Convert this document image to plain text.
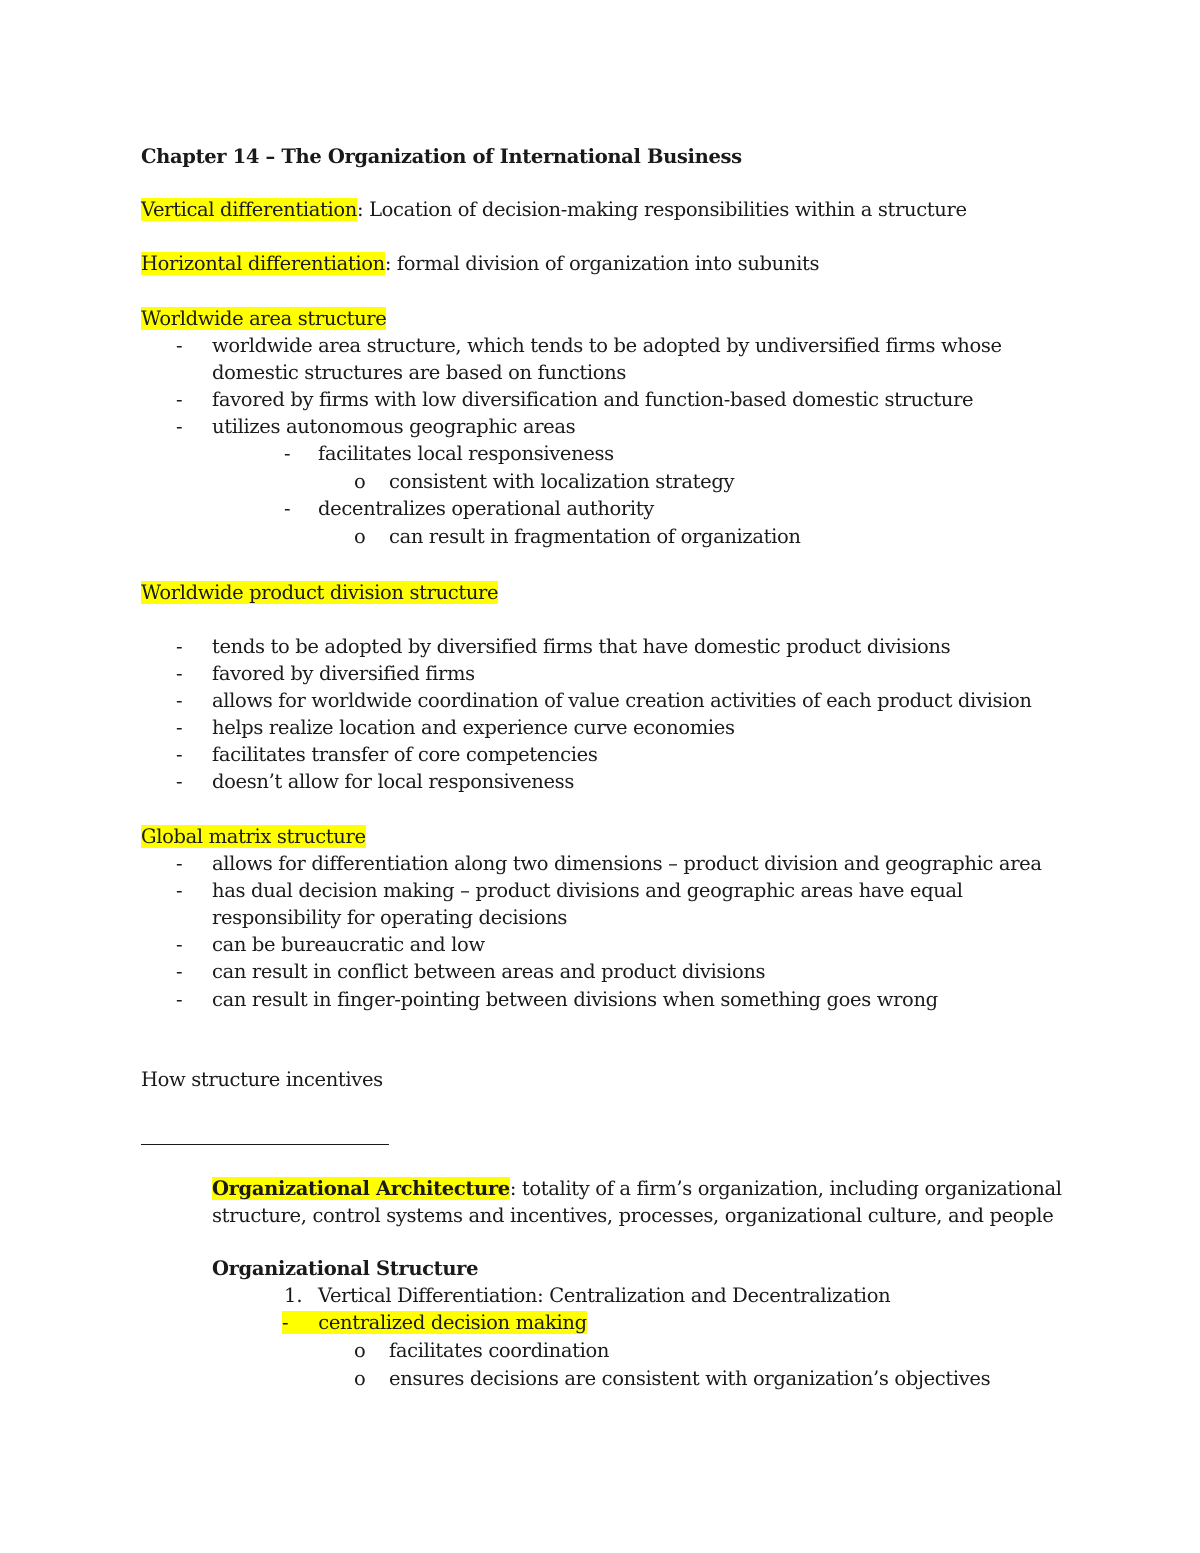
Chapter 14 – The Organization of International Business
Vertical differentiation: Location of decision-making responsibilities within a structure
Horizontal differentiation: formal division of organization into subunits
Worldwide area structure
- worldwide area structure, which tends to be adopted by undiversified firms whose
domestic structures are based on functions
- favored by firms with low diversification and function-based domestic structure
- utilizes autonomous geographic areas
- facilitates local responsiveness
o consistent with localization strategy
- decentralizes operational authority
o can result in fragmentation of organization
Worldwide product division structure
- tends to be adopted by diversified firms that have domestic product divisions
- favored by diversified firms
- allows for worldwide coordination of value creation activities of each product division
- helps realize location and experience curve economies
- facilitates transfer of core competencies
- doesn’t allow for local responsiveness
Global matrix structure
- allows for differentiation along two dimensions – product division and geographic area
- has dual decision making – product divisions and geographic areas have equal
responsibility for operating decisions
- can be bureaucratic and low
- can result in conflict between areas and product divisions
- can result in finger-pointing between divisions when something goes wrong
How structure incentives
Organizational Architecture: totality of a firm’s organization, including organizational
structure, control systems and incentives, processes, organizational culture, and people
Organizational Structure
1. Vertical Differentiation: Centralization and Decentralization
- centralized decision making
o facilitates coordination
o ensures decisions are consistent with organization’s objectives
